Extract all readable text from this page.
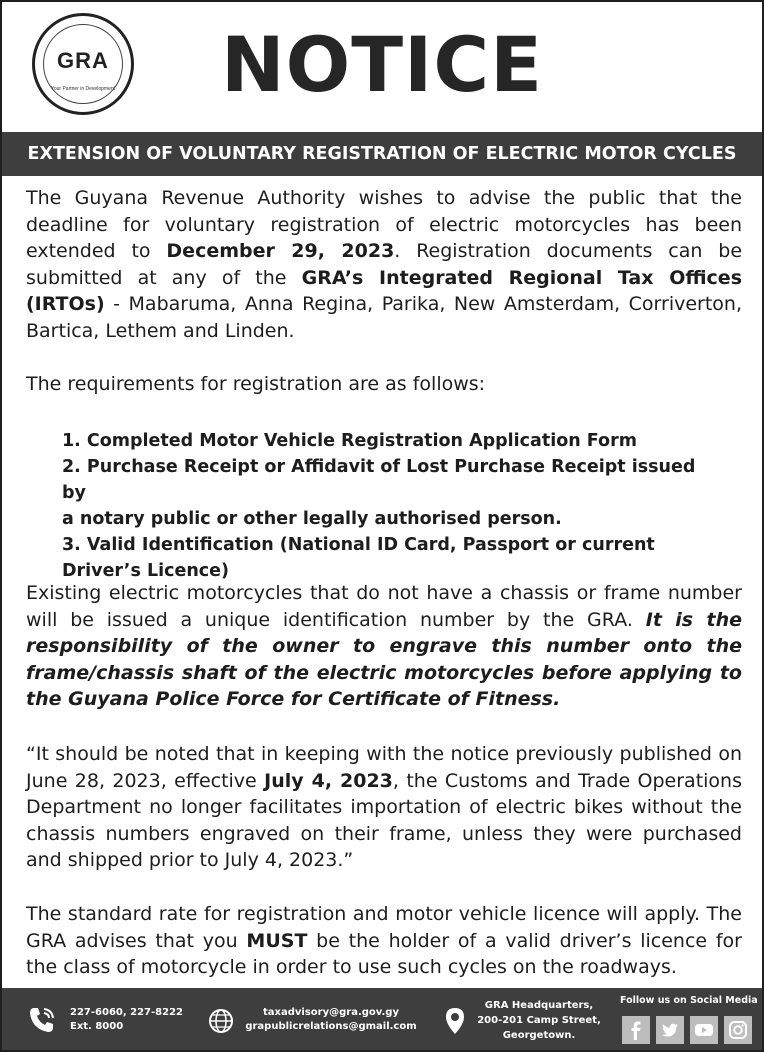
GRA
Your Partner in Development NOTICE
EXTENSION OF VOLUNTARY REGISTRATION OF ELECTRIC MOTOR CYCLES

The Guyana Revenue Authority wishes to advise the public that the deadline for voluntary registration of electric motorcycles has been extended to December 29, 2023. Registration documents can be submitted at any of the GRA’s Integrated Regional Tax Offices (IRTOs) - Mabaruma, Anna Regina, Parika, New Amsterdam, Corriverton, Bartica, Lethem and Linden.

The requirements for registration are as follows:

1. Completed Motor Vehicle Registration Application Form
2. Purchase Receipt or Affidavit of Lost Purchase Receipt issued by
a notary public or other legally authorised person.
3. Valid Identification (National ID Card, Passport or current
Driver’s Licence)

Existing electric motorcycles that do not have a chassis or frame number will be issued a unique identification number by the GRA. It is the responsibility of the owner to engrave this number onto the frame/chassis shaft of the electric motorcycles before applying to the Guyana Police Force for Certificate of Fitness.

“It should be noted that in keeping with the notice previously published on June 28, 2023, effective July 4, 2023, the Customs and Trade Operations Department no longer facilitates importation of electric bikes without the chassis numbers engraved on their frame, unless they were purchased and shipped prior to July 4, 2023.”

The standard rate for registration and motor vehicle licence will apply. The GRA advises that you MUST be the holder of a valid driver’s licence for the class of motorcycle in order to use such cycles on the roadways.

227-6060, 227-8222
Ext. 8000
taxadvisory@gra.gov.gy
grapublicrelations@gmail.com
GRA Headquarters,
200-201 Camp Street,
Georgetown.
Follow us on Social Media
